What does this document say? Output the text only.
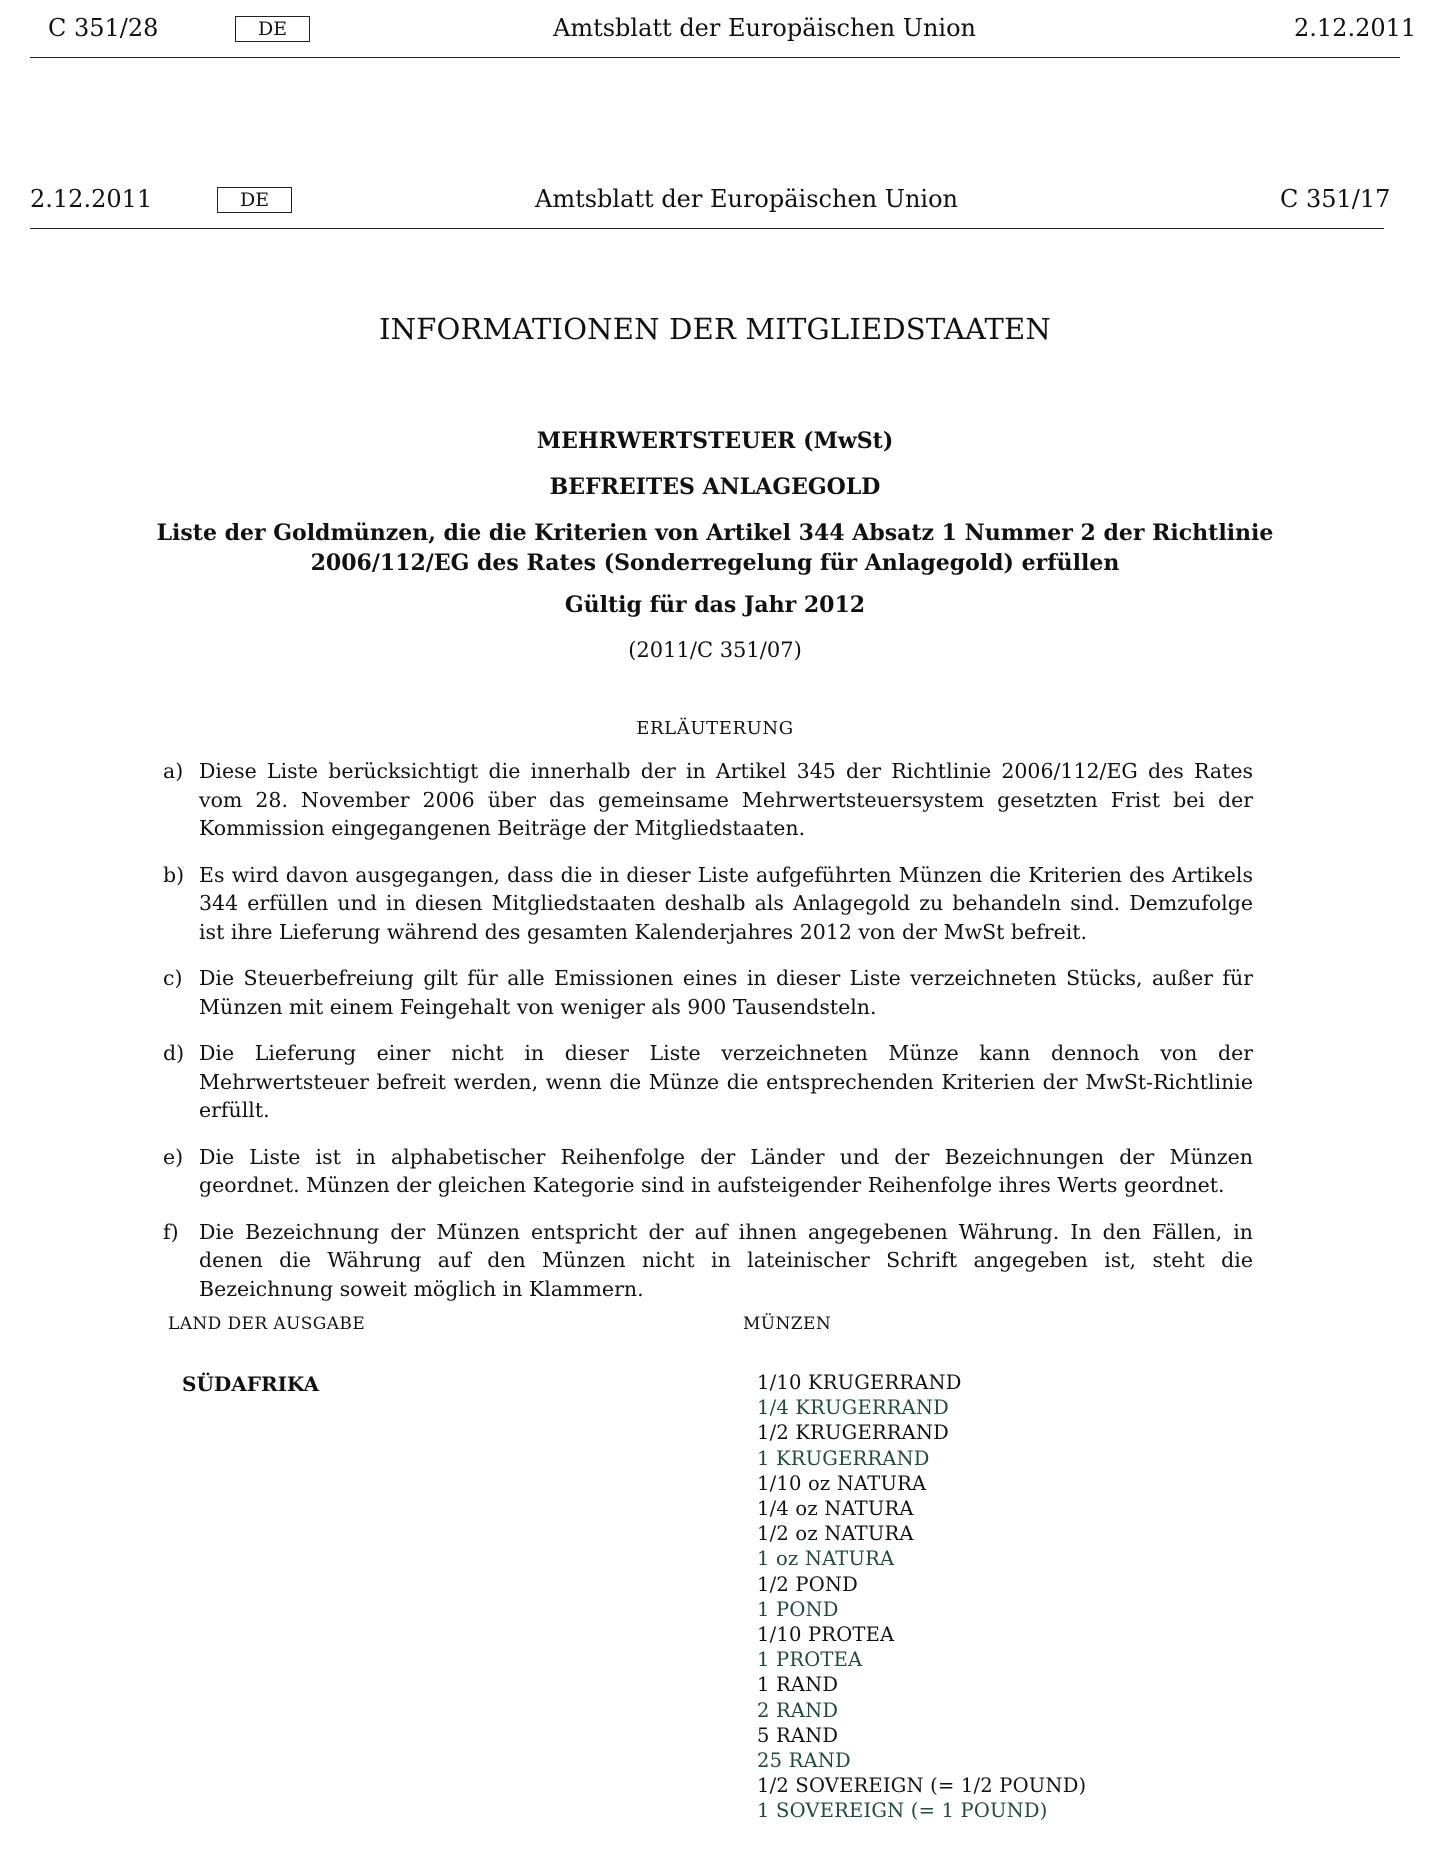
C 351/28	DE	Amtsblatt der Europäischen Union	2.12.2011
2.12.2011	DE	Amtsblatt der Europäischen Union	C 351/17
INFORMATIONEN DER MITGLIEDSTAATEN
MEHRWERTSTEUER (MwSt)
BEFREITES ANLAGEGOLD
Liste der Goldmünzen, die die Kriterien von Artikel 344 Absatz 1 Nummer 2 der Richtlinie
2006/112/EG des Rates (Sonderregelung für Anlagegold) erfüllen
Gültig für das Jahr 2012
(2011/C 351/07)
ERLÄUTERUNG
a) Diese Liste berücksichtigt die innerhalb der in Artikel 345 der Richtlinie 2006/112/EG des Rates vom 28. November 2006 über das gemeinsame Mehrwertsteuersystem gesetzten Frist bei der Kommission eingegangenen Beiträge der Mitgliedstaaten.
b) Es wird davon ausgegangen, dass die in dieser Liste aufgeführten Münzen die Kriterien des Artikels 344 erfüllen und in diesen Mitgliedstaaten deshalb als Anlagegold zu behandeln sind. Demzufolge ist ihre Lieferung während des gesamten Kalenderjahres 2012 von der MwSt befreit.
c) Die Steuerbefreiung gilt für alle Emissionen eines in dieser Liste verzeichneten Stücks, außer für Münzen mit einem Feingehalt von weniger als 900 Tausendsteln.
d) Die Lieferung einer nicht in dieser Liste verzeichneten Münze kann dennoch von der Mehrwertsteuer befreit werden, wenn die Münze die entsprechenden Kriterien der MwSt-Richtlinie erfüllt.
e) Die Liste ist in alphabetischer Reihenfolge der Länder und der Bezeichnungen der Münzen geordnet. Münzen der gleichen Kategorie sind in aufsteigender Reihenfolge ihres Werts geordnet.
f) Die Bezeichnung der Münzen entspricht der auf ihnen angegebenen Währung. In den Fällen, in denen die Währung auf den Münzen nicht in lateinischer Schrift angegeben ist, steht die Bezeichnung soweit möglich in Klammern.
LAND DER AUSGABE	MÜNZEN
SÜDAFRIKA	1/10 KRUGERRAND
1/4 KRUGERRAND
1/2 KRUGERRAND
1 KRUGERRAND
1/10 oz NATURA
1/4 oz NATURA
1/2 oz NATURA
1 oz NATURA
1/2 POND
1 POND
1/10 PROTEA
1 PROTEA
1 RAND
2 RAND
5 RAND
25 RAND
1/2 SOVEREIGN (= 1/2 POUND)
1 SOVEREIGN (= 1 POUND)
